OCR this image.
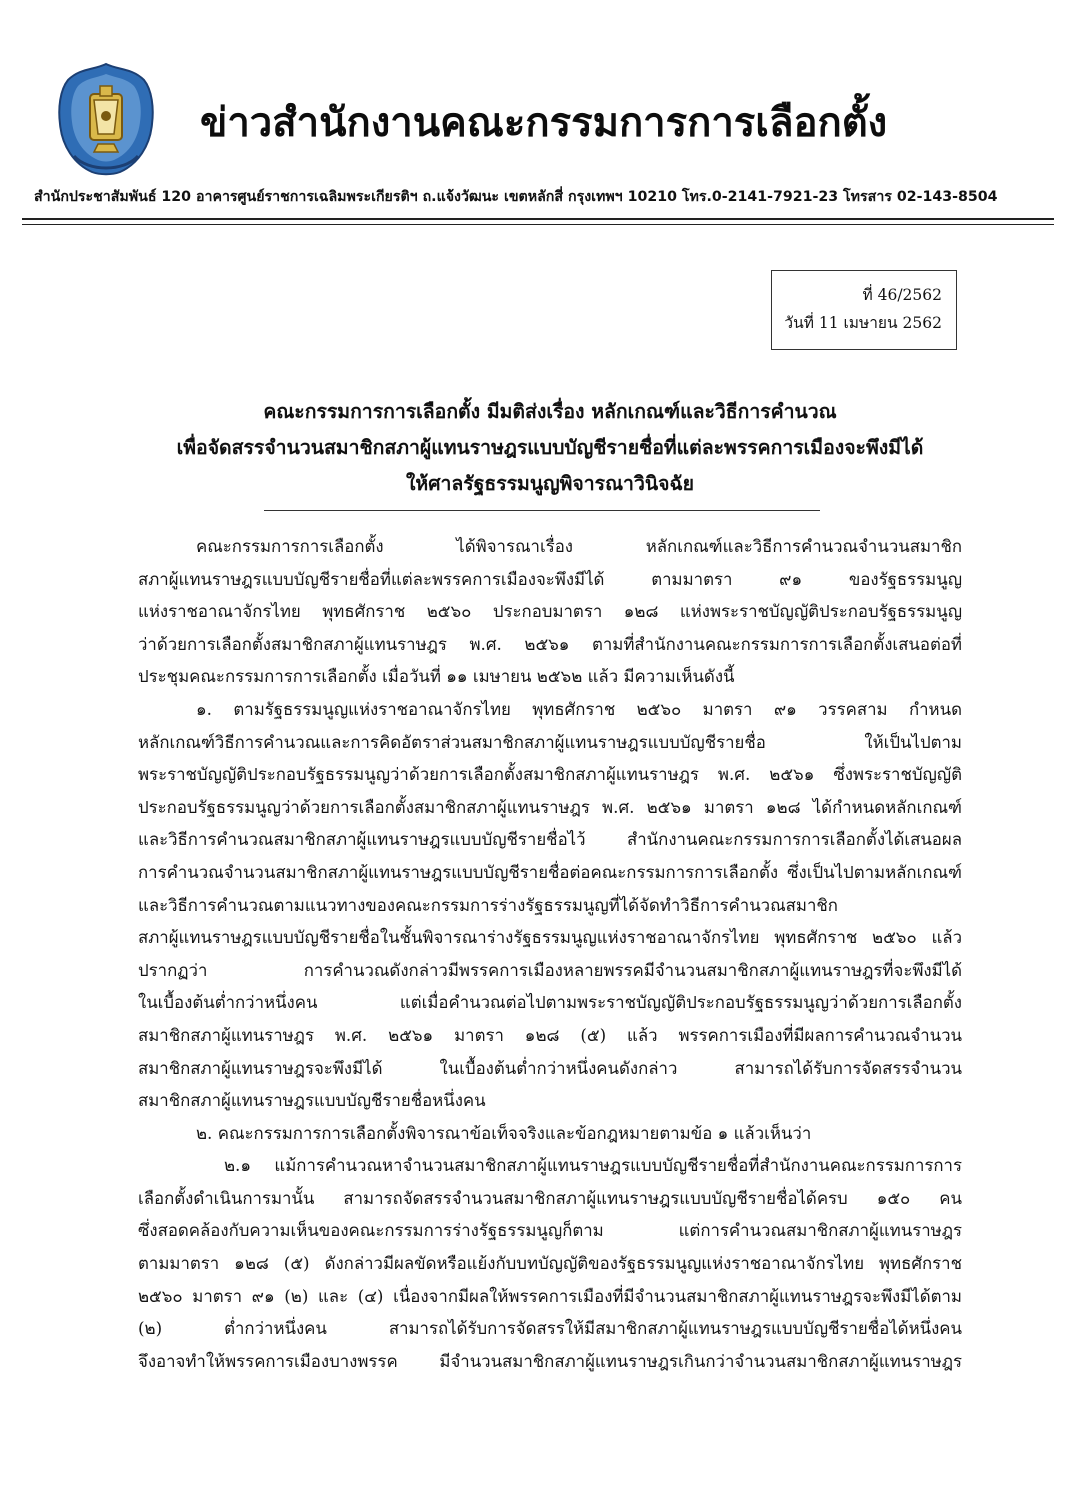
ข่าวสำนักงานคณะกรรมการการเลือกตั้ง
สำนักประชาสัมพันธ์ 120 อาคารศูนย์ราชการเฉลิมพระเกียรติฯ ถ.แจ้งวัฒนะ เขตหลักสี่ กรุงเทพฯ 10210 โทร.0-2141-7921-23 โทรสาร 02-143-8504
ที่ 46/2562
วันที่ 11 เมษายน 2562
คณะกรรมการการเลือกตั้ง มีมติส่งเรื่อง หลักเกณฑ์และวิธีการคำนวณ
เพื่อจัดสรรจำนวนสมาชิกสภาผู้แทนราษฎรแบบบัญชีรายชื่อที่แต่ละพรรคการเมืองจะพึงมีได้
ให้ศาลรัฐธรรมนูญพิจารณาวินิจฉัย
คณะกรรมการการเลือกตั้ง ได้พิจารณาเรื่อง หลักเกณฑ์และวิธีการคำนวณจำนวนสมาชิก
สภาผู้แทนราษฎรแบบบัญชีรายชื่อที่แต่ละพรรคการเมืองจะพึงมีได้ ตามมาตรา ๙๑ ของรัฐธรรมนูญ
แห่งราชอาณาจักรไทย พุทธศักราช ๒๕๖๐ ประกอบมาตรา ๑๒๘ แห่งพระราชบัญญัติประกอบรัฐธรรมนูญ
ว่าด้วยการเลือกตั้งสมาชิกสภาผู้แทนราษฎร พ.ศ. ๒๕๖๑ ตามที่สำนักงานคณะกรรมการการเลือกตั้งเสนอต่อที่
ประชุมคณะกรรมการการเลือกตั้ง เมื่อวันที่ ๑๑ เมษายน ๒๕๖๒ แล้ว มีความเห็นดังนี้
๑. ตามรัฐธรรมนูญแห่งราชอาณาจักรไทย พุทธศักราช ๒๕๖๐ มาตรา ๙๑ วรรคสาม กำหนด
หลักเกณฑ์วิธีการคำนวณและการคิดอัตราส่วนสมาชิกสภาผู้แทนราษฎรแบบบัญชีรายชื่อ ให้เป็นไปตาม
พระราชบัญญัติประกอบรัฐธรรมนูญว่าด้วยการเลือกตั้งสมาชิกสภาผู้แทนราษฎร พ.ศ. ๒๕๖๑ ซึ่งพระราชบัญญัติ
ประกอบรัฐธรรมนูญว่าด้วยการเลือกตั้งสมาชิกสภาผู้แทนราษฎร พ.ศ. ๒๕๖๑ มาตรา ๑๒๘ ได้กำหนดหลักเกณฑ์
และวิธีการคำนวณสมาชิกสภาผู้แทนราษฎรแบบบัญชีรายชื่อไว้ สำนักงานคณะกรรมการการเลือกตั้งได้เสนอผล
การคำนวณจำนวนสมาชิกสภาผู้แทนราษฎรแบบบัญชีรายชื่อต่อคณะกรรมการการเลือกตั้ง ซึ่งเป็นไปตามหลักเกณฑ์
และวิธีการคำนวณตามแนวทางของคณะกรรมการร่างรัฐธรรมนูญที่ได้จัดทำวิธีการคำนวณสมาชิก
สภาผู้แทนราษฎรแบบบัญชีรายชื่อในชั้นพิจารณาร่างรัฐธรรมนูญแห่งราชอาณาจักรไทย พุทธศักราช ๒๕๖๐ แล้ว
ปรากฏว่า การคำนวณดังกล่าวมีพรรคการเมืองหลายพรรคมีจำนวนสมาชิกสภาผู้แทนราษฎรที่จะพึงมีได้
ในเบื้องต้นต่ำกว่าหนึ่งคน แต่เมื่อคำนวณต่อไปตามพระราชบัญญัติประกอบรัฐธรรมนูญว่าด้วยการเลือกตั้ง
สมาชิกสภาผู้แทนราษฎร พ.ศ. ๒๕๖๑ มาตรา ๑๒๘ (๕) แล้ว พรรคการเมืองที่มีผลการคำนวณจำนวน
สมาชิกสภาผู้แทนราษฎรจะพึงมีได้ ในเบื้องต้นต่ำกว่าหนึ่งคนดังกล่าว สามารถได้รับการจัดสรรจำนวน
สมาชิกสภาผู้แทนราษฎรแบบบัญชีรายชื่อหนึ่งคน
๒. คณะกรรมการการเลือกตั้งพิจารณาข้อเท็จจริงและข้อกฎหมายตามข้อ ๑ แล้วเห็นว่า
๒.๑ แม้การคำนวณหาจำนวนสมาชิกสภาผู้แทนราษฎรแบบบัญชีรายชื่อที่สำนักงานคณะกรรมการการ
เลือกตั้งดำเนินการมานั้น สามารถจัดสรรจำนวนสมาชิกสภาผู้แทนราษฎรแบบบัญชีรายชื่อได้ครบ ๑๕๐ คน
ซึ่งสอดคล้องกับความเห็นของคณะกรรมการร่างรัฐธรรมนูญก็ตาม แต่การคำนวณสมาชิกสภาผู้แทนราษฎร
ตามมาตรา ๑๒๘ (๕) ดังกล่าวมีผลขัดหรือแย้งกับบทบัญญัติของรัฐธรรมนูญแห่งราชอาณาจักรไทย พุทธศักราช
๒๕๖๐ มาตรา ๙๑ (๒) และ (๔) เนื่องจากมีผลให้พรรคการเมืองที่มีจำนวนสมาชิกสภาผู้แทนราษฎรจะพึงมีได้ตาม
(๒) ต่ำกว่าหนึ่งคน สามารถได้รับการจัดสรรให้มีสมาชิกสภาผู้แทนราษฎรแบบบัญชีรายชื่อได้หนึ่งคน
จึงอาจทำให้พรรคการเมืองบางพรรค มีจำนวนสมาชิกสภาผู้แทนราษฎรเกินกว่าจำนวนสมาชิกสภาผู้แทนราษฎร
